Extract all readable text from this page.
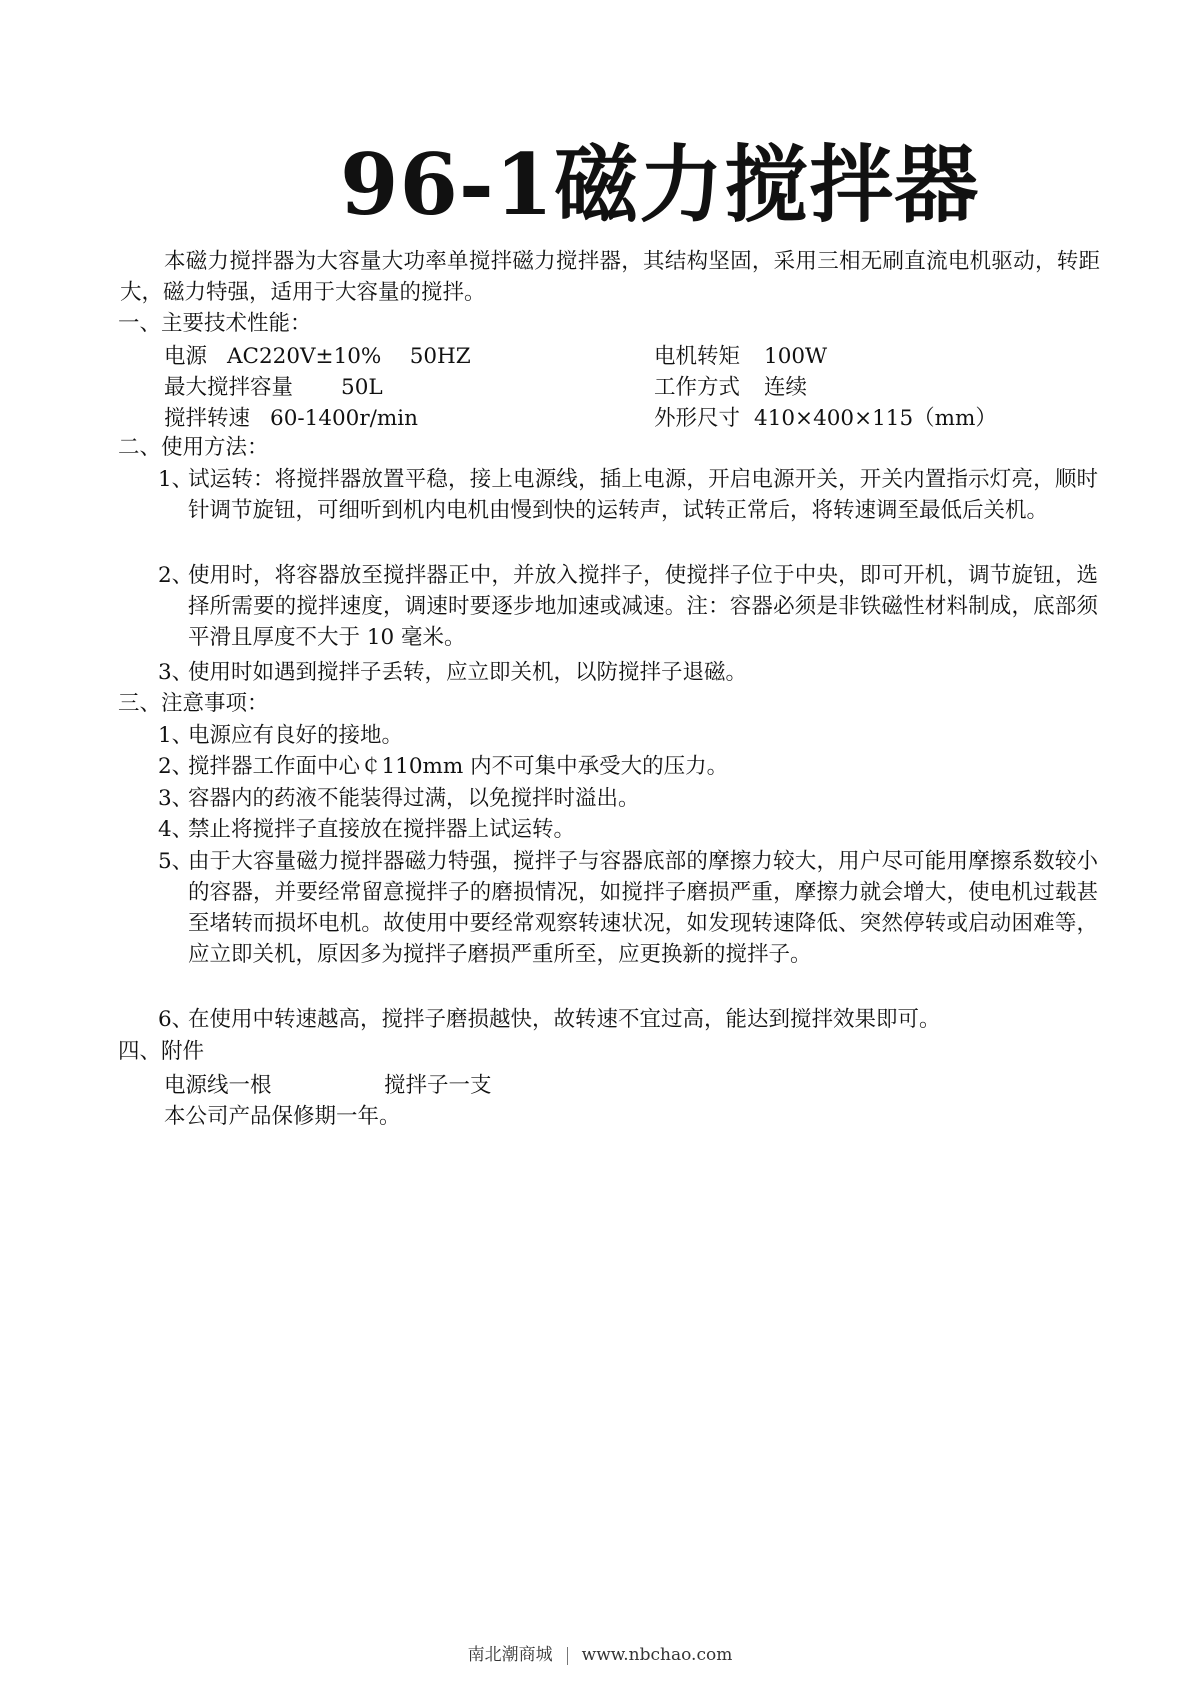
96-1磁力搅拌器

本磁力搅拌器为大容量大功率单搅拌磁力搅拌器，其结构坚固，采用三相无刷直流电机驱动，转距大，磁力特强，适用于大容量的搅拌。

一、主要技术性能：
电源 AC220V±10%　 50HZ	电机转矩 100W
最大搅拌容量 50L	工作方式 连续
搅拌转速 60-1400r/min	外形尺寸 410×400×115（mm）
二、使用方法：
1、
试运转：将搅拌器放置平稳，接上电源线，插上电源，开启电源开关，开关内置指示灯亮，顺时针调节旋钮，可细听到机内电机由慢到快的运转声，试转正常后，将转速调至最低后关机。
2、
使用时，将容器放至搅拌器正中，并放入搅拌子，使搅拌子位于中央，即可开机，调节旋钮，选择所需要的搅拌速度，调速时要逐步地加速或减速。注：容器必须是非铁磁性材料制成，底部须平滑且厚度不大于 10 毫米。
3、
使用时如遇到搅拌子丢转，应立即关机，以防搅拌子退磁。
三、注意事项：
1、
电源应有良好的接地。
2、
搅拌器工作面中心￠110mm 内不可集中承受大的压力。
3、
容器内的药液不能装得过满，以免搅拌时溢出。
4、
禁止将搅拌子直接放在搅拌器上试运转。
5、
由于大容量磁力搅拌器磁力特强，搅拌子与容器底部的摩擦力较大，用户尽可能用摩擦系数较小的容器，并要经常留意搅拌子的磨损情况，如搅拌子磨损严重，摩擦力就会增大，使电机过载甚至堵转而损坏电机。故使用中要经常观察转速状况，如发现转速降低、突然停转或启动困难等，应立即关机，原因多为搅拌子磨损严重所至，应更换新的搅拌子。
6、
在使用中转速越高，搅拌子磨损越快，故转速不宜过高，能达到搅拌效果即可。
四、附件
电源线一根	搅拌子一支
本公司产品保修期一年。
南北潮商城 www.nbchao.com
